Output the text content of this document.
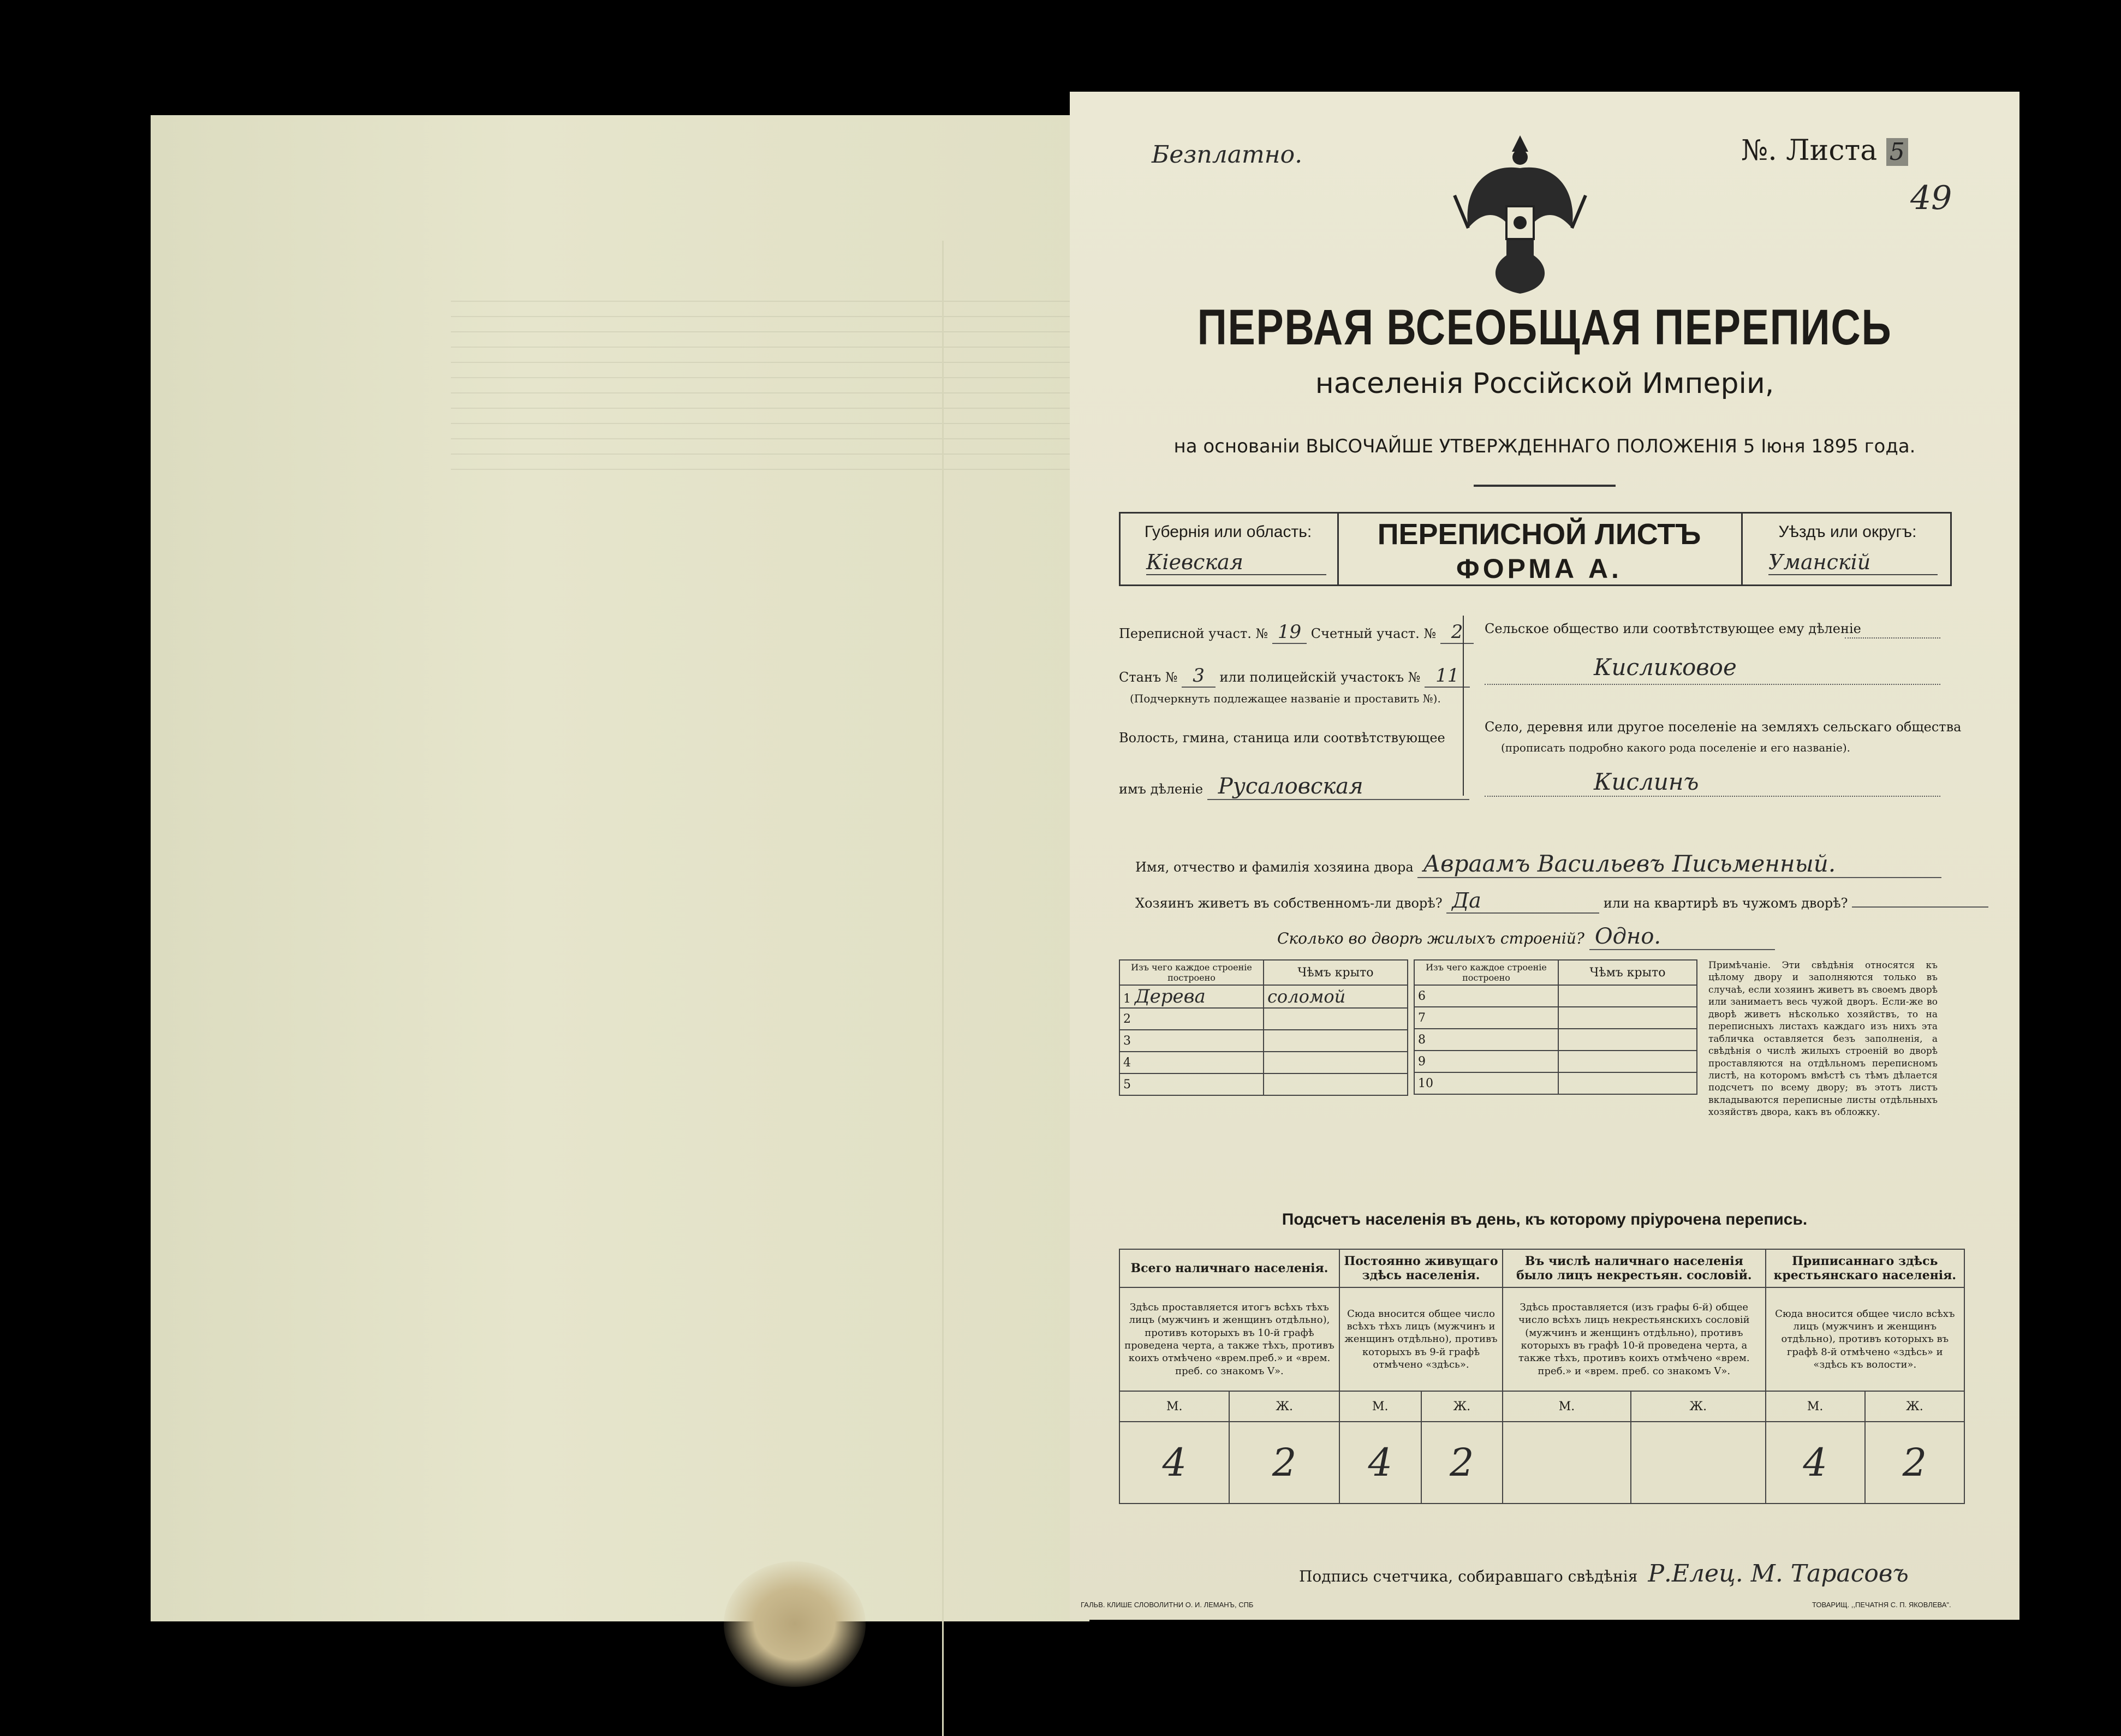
Безплатно.	№. Листа 5
49
ПЕРВАЯ ВСЕОБЩАЯ ПЕРЕПИСЬ
населенія Россійской Имперіи,
на основаніи ВЫСОЧАЙШЕ УТВЕРЖДЕННАГО ПОЛОЖЕНІЯ 5 Іюня 1895 года.
Губернія или область:
Кіевская
ПЕРЕПИСНОЙ ЛИСТЪ
ФОРМА А.
Уѣздъ или округъ:
Уманскій
Переписной участ. № 19 Счетный участ. № 2
Станъ № 3 или полицейскій участокъ № 11
(Подчеркнуть подлежащее названіе и проставить №).
Волость, гмина, станица или соотвѣтствующее
имъ дѣленіе Русаловская
Сельское общество или соотвѣтствующее ему дѣленіе
Кисликовое
Село, деревня или другое поселеніе на земляхъ сельскаго общества
(прописать подробно какого рода поселеніе и его названіе).
Кислинъ
Имя, отчество и фамилія хозяина двора Авраамъ Васильевъ Письменный.
Хозяинъ живетъ въ собственномъ-ли дворѣ? Да	или на квартирѣ въ чужомъ дворѣ?
Сколько во дворѣ жилыхъ строеній? Одно.
Изъ чего каждое строеніе построено	Чѣмъ крыто
1 Дерева	соломой
2	
3	
4	
5	
Изъ чего каждое строеніе построено	Чѣмъ крыто
6	
7	
8	
9	
10	
Примѣчаніе. Эти свѣдѣнія относятся къ цѣлому двору и заполняются только въ случаѣ, если хозяинъ живетъ въ своемъ дворѣ или занимаетъ весь чужой дворъ. Если-же во дворѣ живетъ нѣсколько хозяйствъ, то на переписныхъ листахъ каждаго изъ нихъ эта табличка оставляется безъ заполненія, а свѣдѣнія о числѣ жилыхъ строеній во дворѣ проставляются на отдѣльномъ переписномъ листѣ, на которомъ вмѣстѣ съ тѣмъ дѣлается подсчетъ по всему двору; въ этотъ листъ вкладываются переписные листы отдѣльныхъ хозяйствъ двора, какъ въ обложку.
Подсчетъ населенія въ день, къ которому пріурочена перепись.
Всего наличнаго населенія.		Постоянно живущаго здѣсь населенія.		Въ числѣ наличнаго населенія было лицъ некрестьян. сословій.		Приписаннаго здѣсь крестьянскаго населенія.	
Здѣсь проставляется итогъ всѣхъ тѣхъ лицъ (мужчинъ и женщинъ отдѣльно), противъ которыхъ въ 10-й графѣ проведена черта, а также тѣхъ, противъ коихъ отмѣчено «врем.преб.» и «врем. преб. со знакомъ V».		Сюда вносится общее число всѣхъ тѣхъ лицъ (мужчинъ и женщинъ отдѣльно), противъ которыхъ въ 9-й графѣ отмѣчено «здѣсь».		Здѣсь проставляется (изъ графы 6-й) общее число всѣхъ лицъ некрестьянскихъ сословій (мужчинъ и женщинъ отдѣльно), противъ которыхъ въ графѣ 10-й проведена черта, а также тѣхъ, противъ коихъ отмѣчено «врем. преб.» и «врем. преб. со знакомъ V».		Сюда вносится общее число всѣхъ лицъ (мужчинъ и женщинъ отдѣльно), противъ которыхъ въ графѣ 8-й отмѣчено «здѣсь» и «здѣсь къ волости».	
М.	Ж.	М.	Ж.	М.	Ж.	М.	Ж.
4	2	4	2			4	2
Подпись счетчика, собиравшаго свѣдѣнія Р.Елец. М. Тарасовъ
ГАЛЬВ. КЛИШЕ СЛОВОЛИТНИ О. И. ЛЕМАНЪ, СПБ	ТОВАРИЩ. ,,ПЕЧАТНЯ С. П. ЯКОВЛЕВА".
